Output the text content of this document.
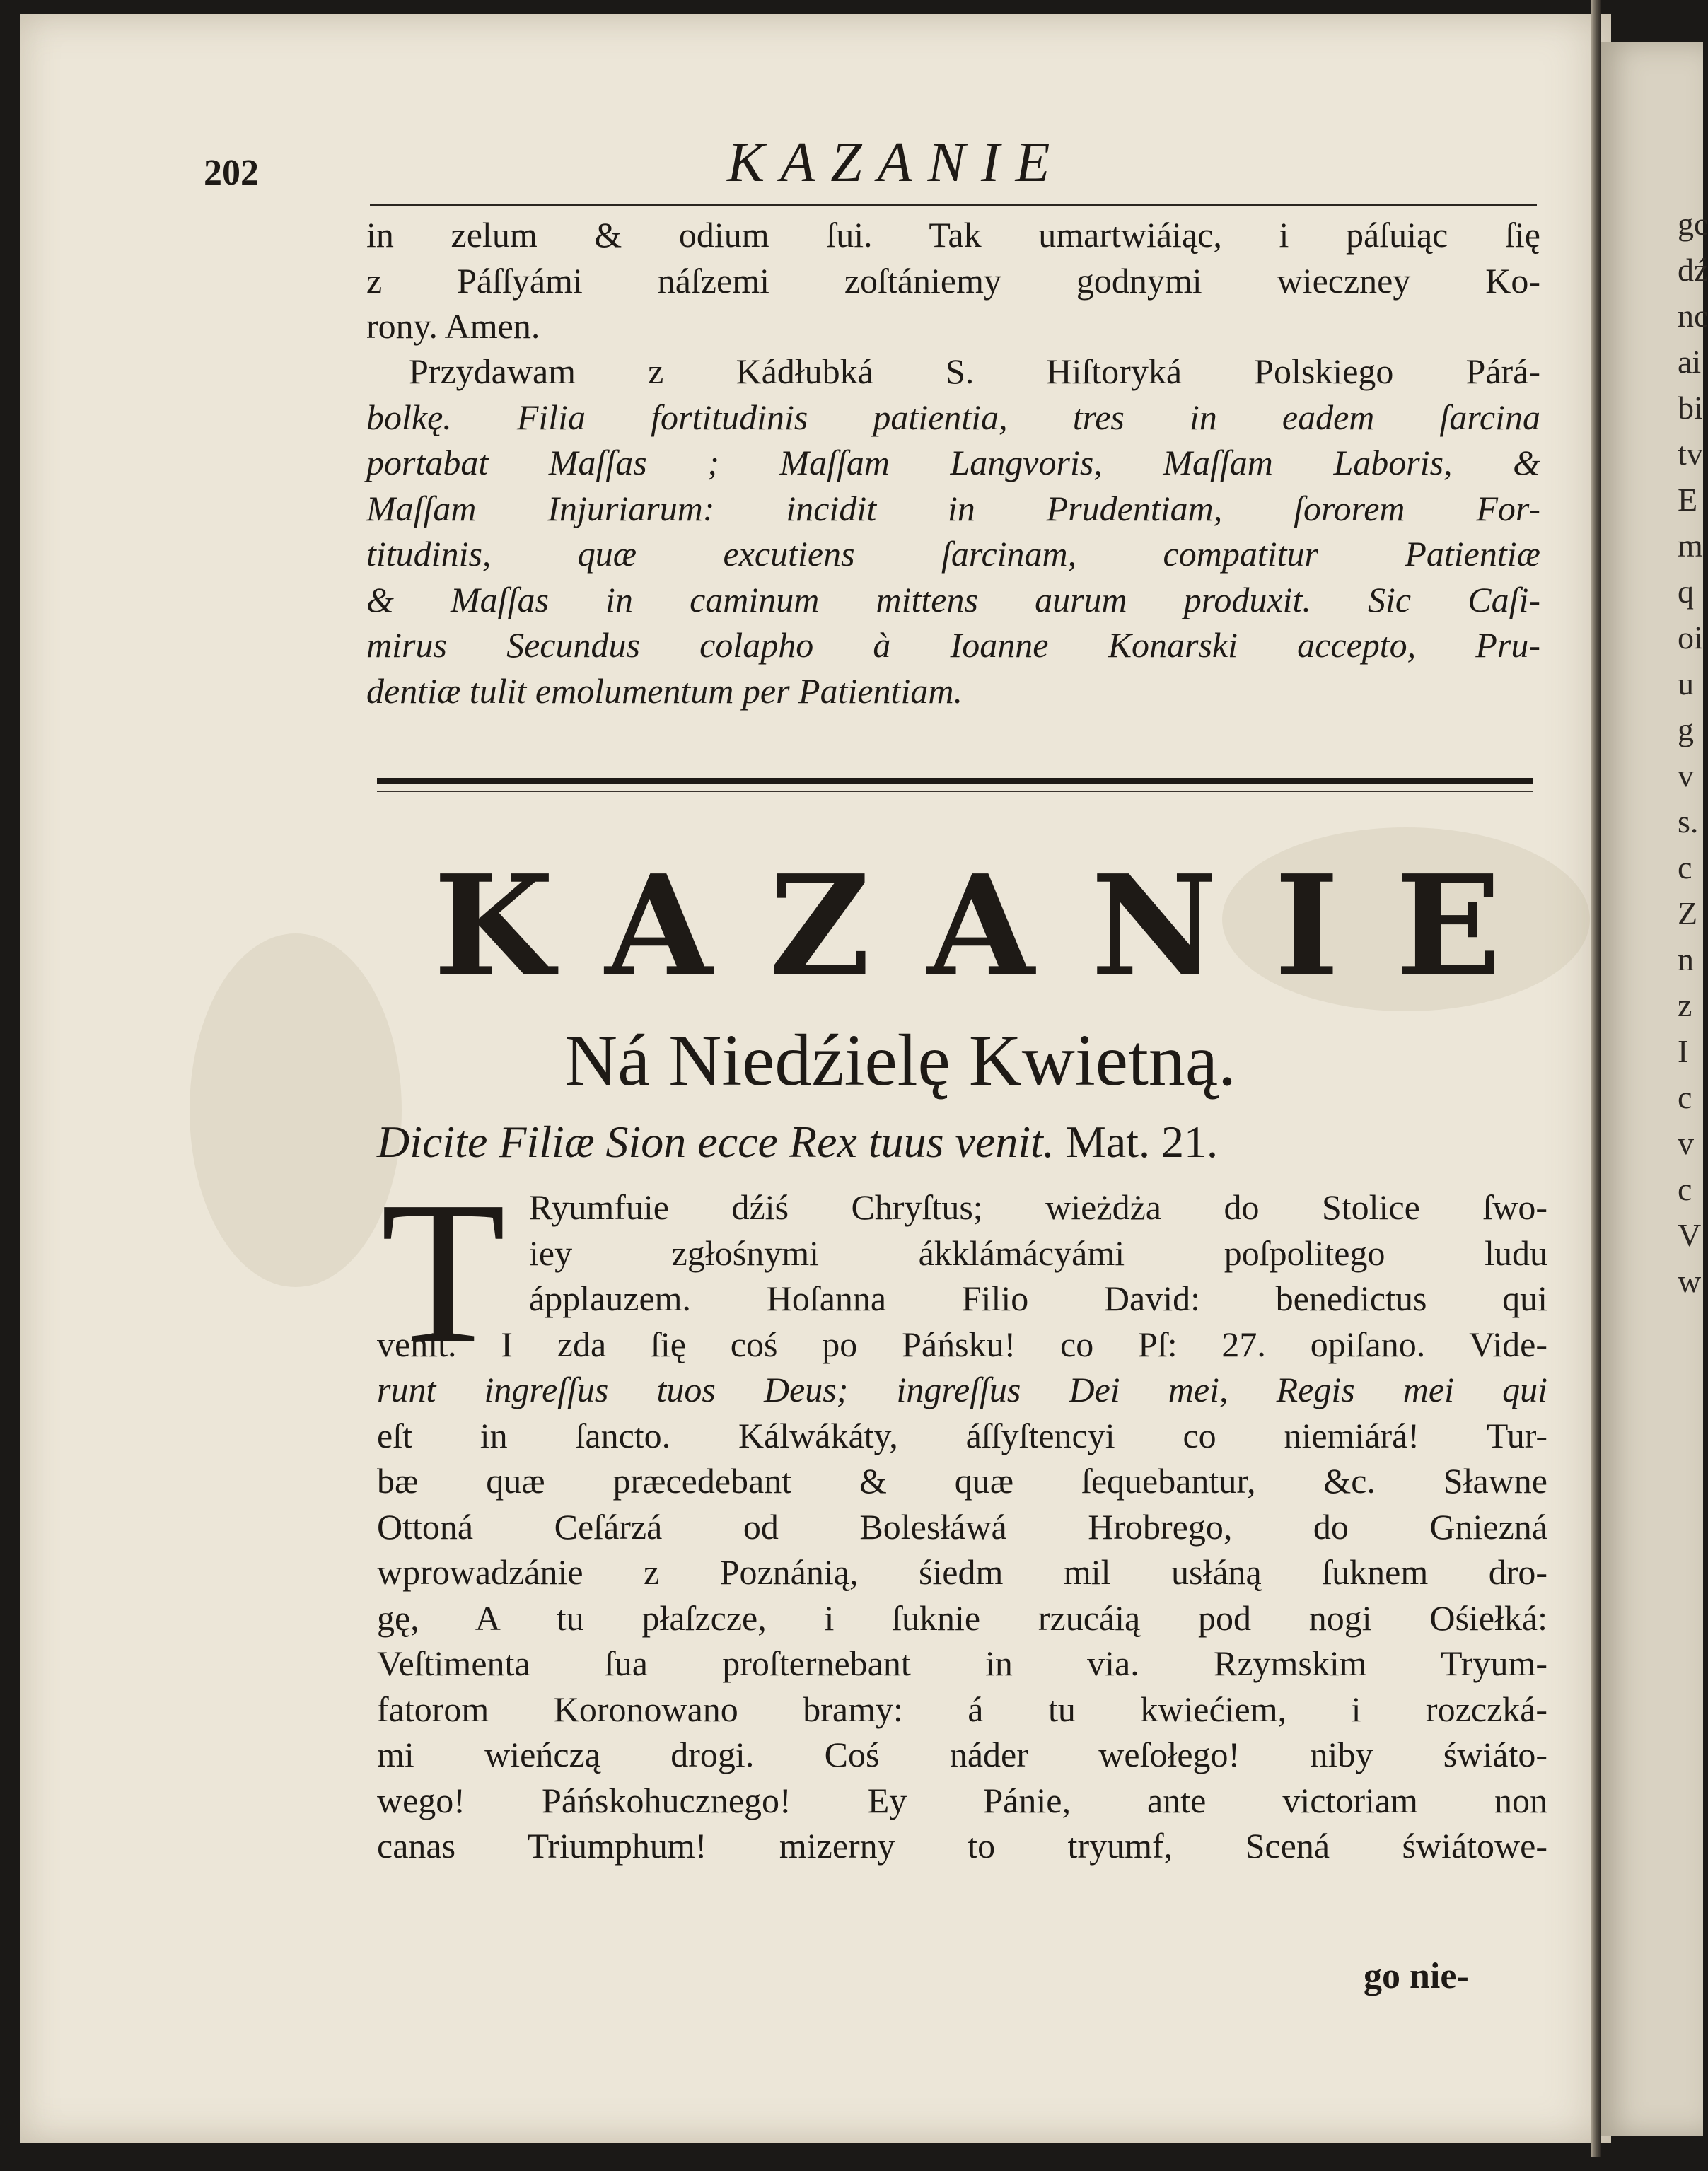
202	KAZANIE
in zelum & odium ſui. Tak umartwiáiąc, i páſuiąc ſię
z Páſſyámi náſzemi zoſtániemy godnymi wieczney Ko-
rony. Amen.
Przydawam z Kádłubká S. Hiſtoryká Polskiego Párá-
bolkę. Filia fortitudinis patientia, tres in eadem ſarcina
portabat Maſſas ; Maſſam Langvoris, Maſſam Laboris, &
Maſſam Injuriarum: incidit in Prudentiam, ſororem For-
titudinis, quæ excutiens ſarcinam, compatitur Patientiæ
& Maſſas in caminum mittens aurum produxit. Sic Caſi-
mirus Secundus colapho à Ioanne Konarski accepto, Pru-
dentiæ tulit emolumentum per Patientiam.
KAZANIE
Ná Niedźielę Kwietną.
Dicite Filiæ Sion ecce Rex tuus venit. Mat. 21.
T Ryumfuie dźiś Chryſtus; wieżdża do Stolice ſwo-
iey zgłośnymi ákklámácyámi poſpolitego ludu
ápplauzem. Hoſanna Filio David: benedictus qui
venit. I zda ſię coś po Páńsku! co Pſ: 27. opiſano. Vide-
runt ingreſſus tuos Deus; ingreſſus Dei mei, Regis mei qui
eſt in ſancto. Kálwákáty, áſſyſtencyi co niemiárá! Tur-
bæ quæ præcedebant & quæ ſequebantur, &c. Sławne
Ottoná Ceſárzá od Bolesłáwá Hrobrego, do Gniezná
wprowadzánie z Poznánią, śiedm mil usłáną ſuknem dro-
gę, A tu płaſzcze, i ſuknie rzucáią pod nogi Ośiełká:
Veſtimenta ſua proſternebant in via. Rzymskim Tryum-
fatorom Koronowano bramy: á tu kwiećiem, i rozczká-
mi wieńczą drogi. Coś náder weſołego! niby świáto-
wego! Páńskohucznego! Ey Pánie, ante victoriam non
canas Triumphum! mizerny to tryumf, Scená świátowe-
go nie-
gc
dź
nc
ai
bi
tv
E
m
q
oi
u
g
v
s.
c
Z
n
z
I
c
v
c
V
w
